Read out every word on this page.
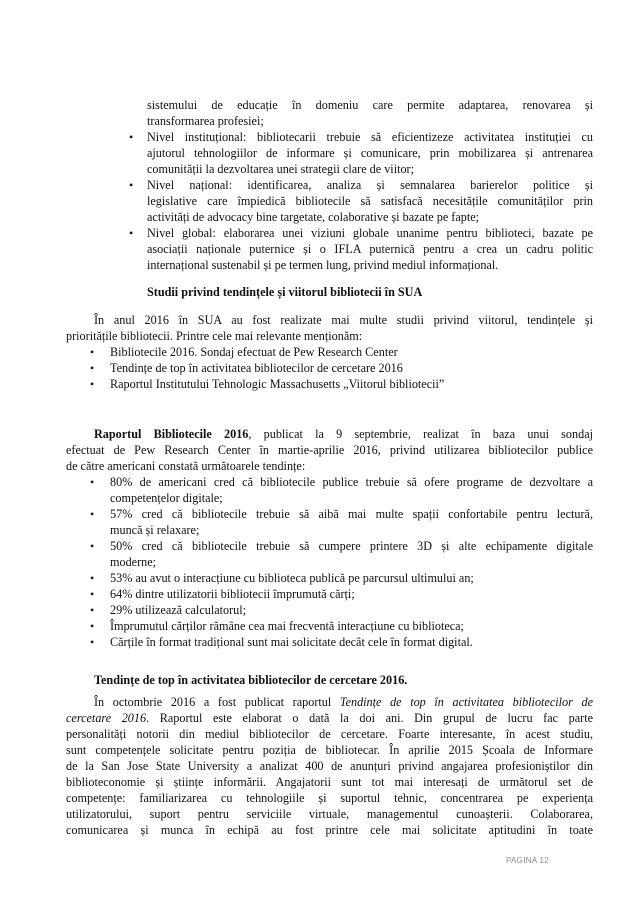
sistemului de educație în domeniu care permite adaptarea, renovarea și
transformarea profesiei;
• Nivel instituțional: bibliotecarii trebuie să eficientizeze activitatea instituției cu
ajutorul tehnologiilor de informare și comunicare, prin mobilizarea și antrenarea
comunității la dezvoltarea unei strategii clare de viitor;
• Nivel național: identificarea, analiza și semnalarea barierelor politice și
legislative care împiedică bibliotecile să satisfacă necesitățile comunităților prin
activități de advocacy bine targetate, colaborative și bazate pe fapte;
• Nivel global: elaborarea unei viziuni globale unanime pentru biblioteci, bazate pe
asociații naționale puternice și o IFLA puternică pentru a crea un cadru politic
internațional sustenabil și pe termen lung, privind mediul informațional.
Studii privind tendințele și viitorul bibliotecii în SUA
În anul 2016 în SUA au fost realizate mai multe studii privind viitorul, tendințele și
prioritățile bibliotecii. Printre cele mai relevante menționăm:
• Bibliotecile 2016. Sondaj efectuat de Pew Research Center
• Tendințe de top în activitatea bibliotecilor de cercetare 2016
• Raportul Institutului Tehnologic Massachusetts „Viitorul bibliotecii”
Raportul Bibliotecile 2016, publicat la 9 septembrie, realizat în baza unui sondaj
efectuat de Pew Research Center în martie-aprilie 2016, privind utilizarea bibliotecilor publice
de către americani constată următoarele tendințe:
• 80% de americani cred că bibliotecile publice trebuie să ofere programe de dezvoltare a
competențelor digitale;
• 57% cred că bibliotecile trebuie să aibă mai multe spații confortabile pentru lectură,
muncă și relaxare;
• 50% cred că bibliotecile trebuie să cumpere printere 3D și alte echipamente digitale
moderne;
• 53% au avut o interacțiune cu biblioteca publică pe parcursul ultimului an;
• 64% dintre utilizatorii bibliotecii împrumută cărți;
• 29% utilizează calculatorul;
• Împrumutul cărților rămâne cea mai frecventă interacțiune cu biblioteca;
• Cărțile în format tradițional sunt mai solicitate decât cele în format digital.
Tendințe de top în activitatea bibliotecilor de cercetare 2016.
În octombrie 2016 a fost publicat raportul Tendințe de top în activitatea bibliotecilor de
cercetare 2016. Raportul este elaborat o dată la doi ani. Din grupul de lucru fac parte
personalități notorii din mediul bibliotecilor de cercetare. Foarte interesante, în acest studiu,
sunt competențele solicitate pentru poziția de bibliotecar. În aprilie 2015 Școala de Informare
de la San Jose State University a analizat 400 de anunțuri privind angajarea profesioniștilor din
biblioteconomie și științe informării. Angajatorii sunt tot mai interesați de următorul set de
competențe: familiarizarea cu tehnologiile și suportul tehnic, concentrarea pe experiența
utilizatorului, suport pentru serviciile virtuale, managementul cunoașterii. Colaborarea,
comunicarea și munca în echipă au fost printre cele mai solicitate aptitudini în toate
PAGINA 12
